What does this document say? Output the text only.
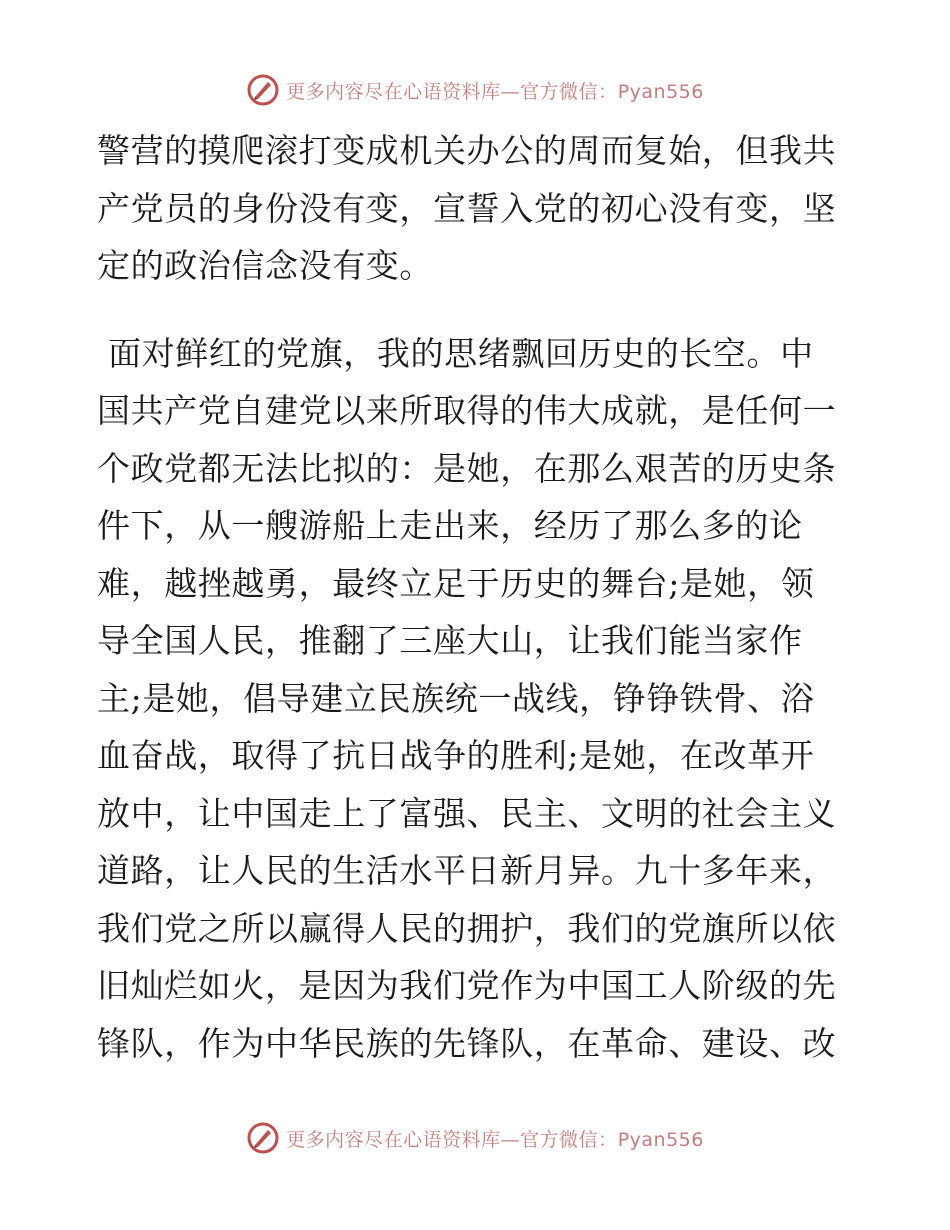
更多内容尽在心语资料库—官方微信：Pyan556
警营的摸爬滚打变成机关办公的周而复始，但我共
产党员的身份没有变，宣誓入党的初心没有变，坚
定的政治信念没有变。
面对鲜红的党旗，我的思绪飘回历史的长空。中
国共产党自建党以来所取得的伟大成就，是任何一
个政党都无法比拟的：是她，在那么艰苦的历史条
件下，从一艘游船上走出来，经历了那么多的论
难，越挫越勇，最终立足于历史的舞台;是她，领
导全国人民，推翻了三座大山，让我们能当家作
主;是她，倡导建立民族统一战线，铮铮铁骨、浴
血奋战，取得了抗日战争的胜利;是她，在改革开
放中，让中国走上了富强、民主、文明的社会主义
道路，让人民的生活水平日新月异。九十多年来，
我们党之所以赢得人民的拥护，我们的党旗所以依
旧灿烂如火，是因为我们党作为中国工人阶级的先
锋队，作为中华民族的先锋队，在革命、建设、改
更多内容尽在心语资料库—官方微信：Pyan556
